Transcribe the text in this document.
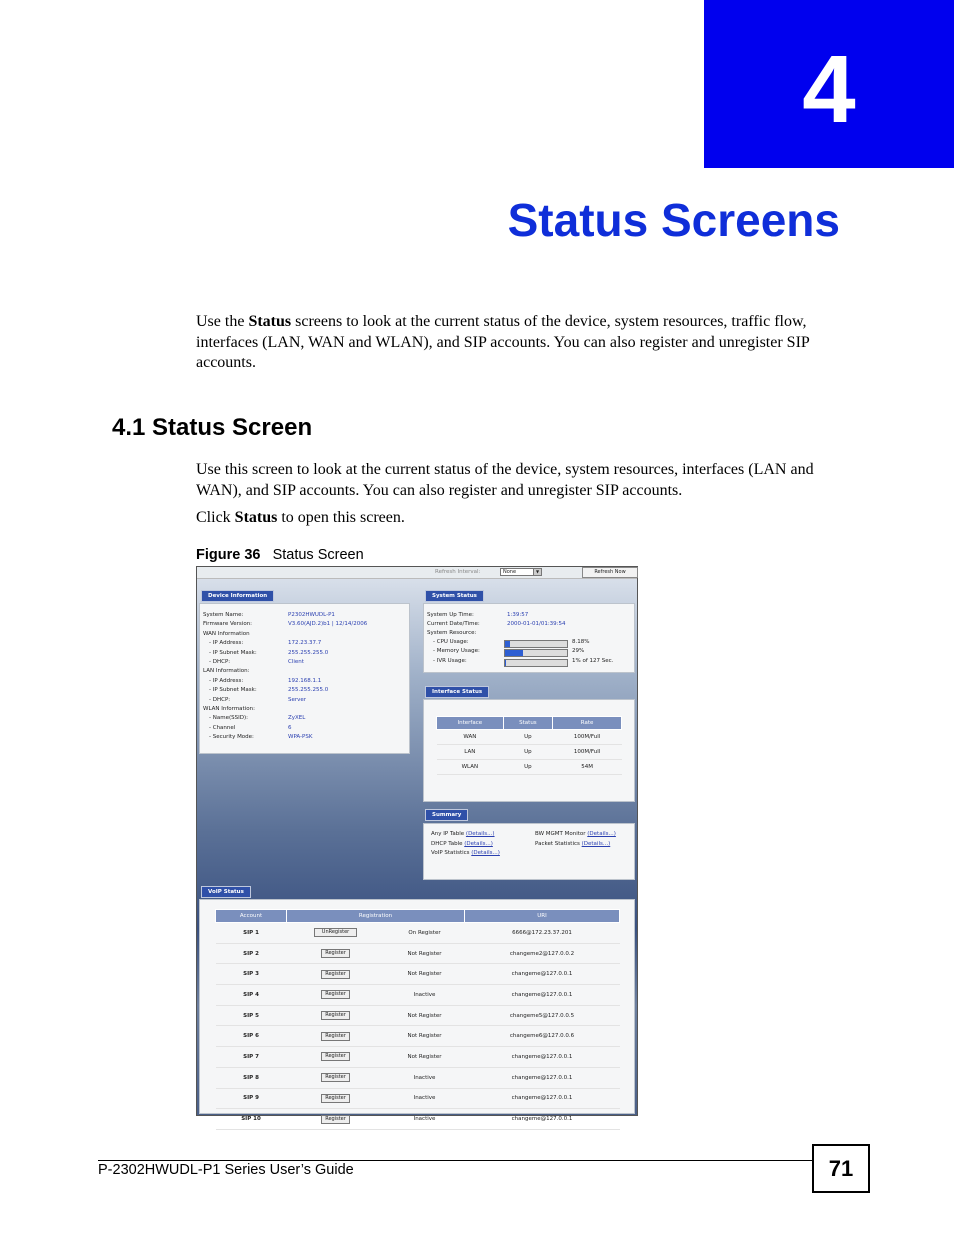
4
Status Screens
Use the Status screens to look at the current status of the device, system resources, traffic flow, interfaces (LAN, WAN and WLAN), and SIP accounts. You can also register and unregister SIP accounts.
4.1 Status Screen
Use this screen to look at the current status of the device, system resources, interfaces (LAN and WAN), and SIP accounts. You can also register and unregister SIP accounts.
Click Status to open this screen.
Figure 36 Status Screen
Refresh Interval:	None	▼	Refresh Now
System Name:	P2302HWUDL-P1
Firmware Version:	V3.60(AJD.2)b1 | 12/14/2006
WAN Information
- IP Address:	172.23.37.7
- IP Subnet Mask:	255.255.255.0
- DHCP:	Client
LAN Information:
- IP Address:	192.168.1.1
- IP Subnet Mask:	255.255.255.0
- DHCP:	Server
WLAN Information:
- Name(SSID):	ZyXEL
- Channel	6
- Security Mode:	WPA-PSK
Device Information
System Up Time:	1:39:57
Current Date/Time:	2000-01-01/01:39:54
System Resource:
- CPU Usage:	8.18%
- Memory Usage:	29%
- IVR Usage:	1% of 127 Sec.
System Status
Interface	Status	Rate
WAN	Up	100M/Full
LAN	Up	100M/Full
WLAN	Up	54M
Interface Status
Any IP Table (Details...)	BW MGMT Monitor (Details...)
DHCP Table (Details...)	Packet Statistics (Details...)
VoIP Statistics (Details...)
Summary
Account	Registration		URI
SIP 1	UnRegister	On Register	6666@172.23.37.201
SIP 2	Register	Not Register	changeme2@127.0.0.2
SIP 3	Register	Not Register	changeme@127.0.0.1
SIP 4	Register	Inactive	changeme@127.0.0.1
SIP 5	Register	Not Register	changeme5@127.0.0.5
SIP 6	Register	Not Register	changeme6@127.0.0.6
SIP 7	Register	Not Register	changeme@127.0.0.1
SIP 8	Register	Inactive	changeme@127.0.0.1
SIP 9	Register	Inactive	changeme@127.0.0.1
SIP 10	Register	Inactive	changeme@127.0.0.1
VoIP Status
P-2302HWUDL-P1 Series User’s Guide	71
